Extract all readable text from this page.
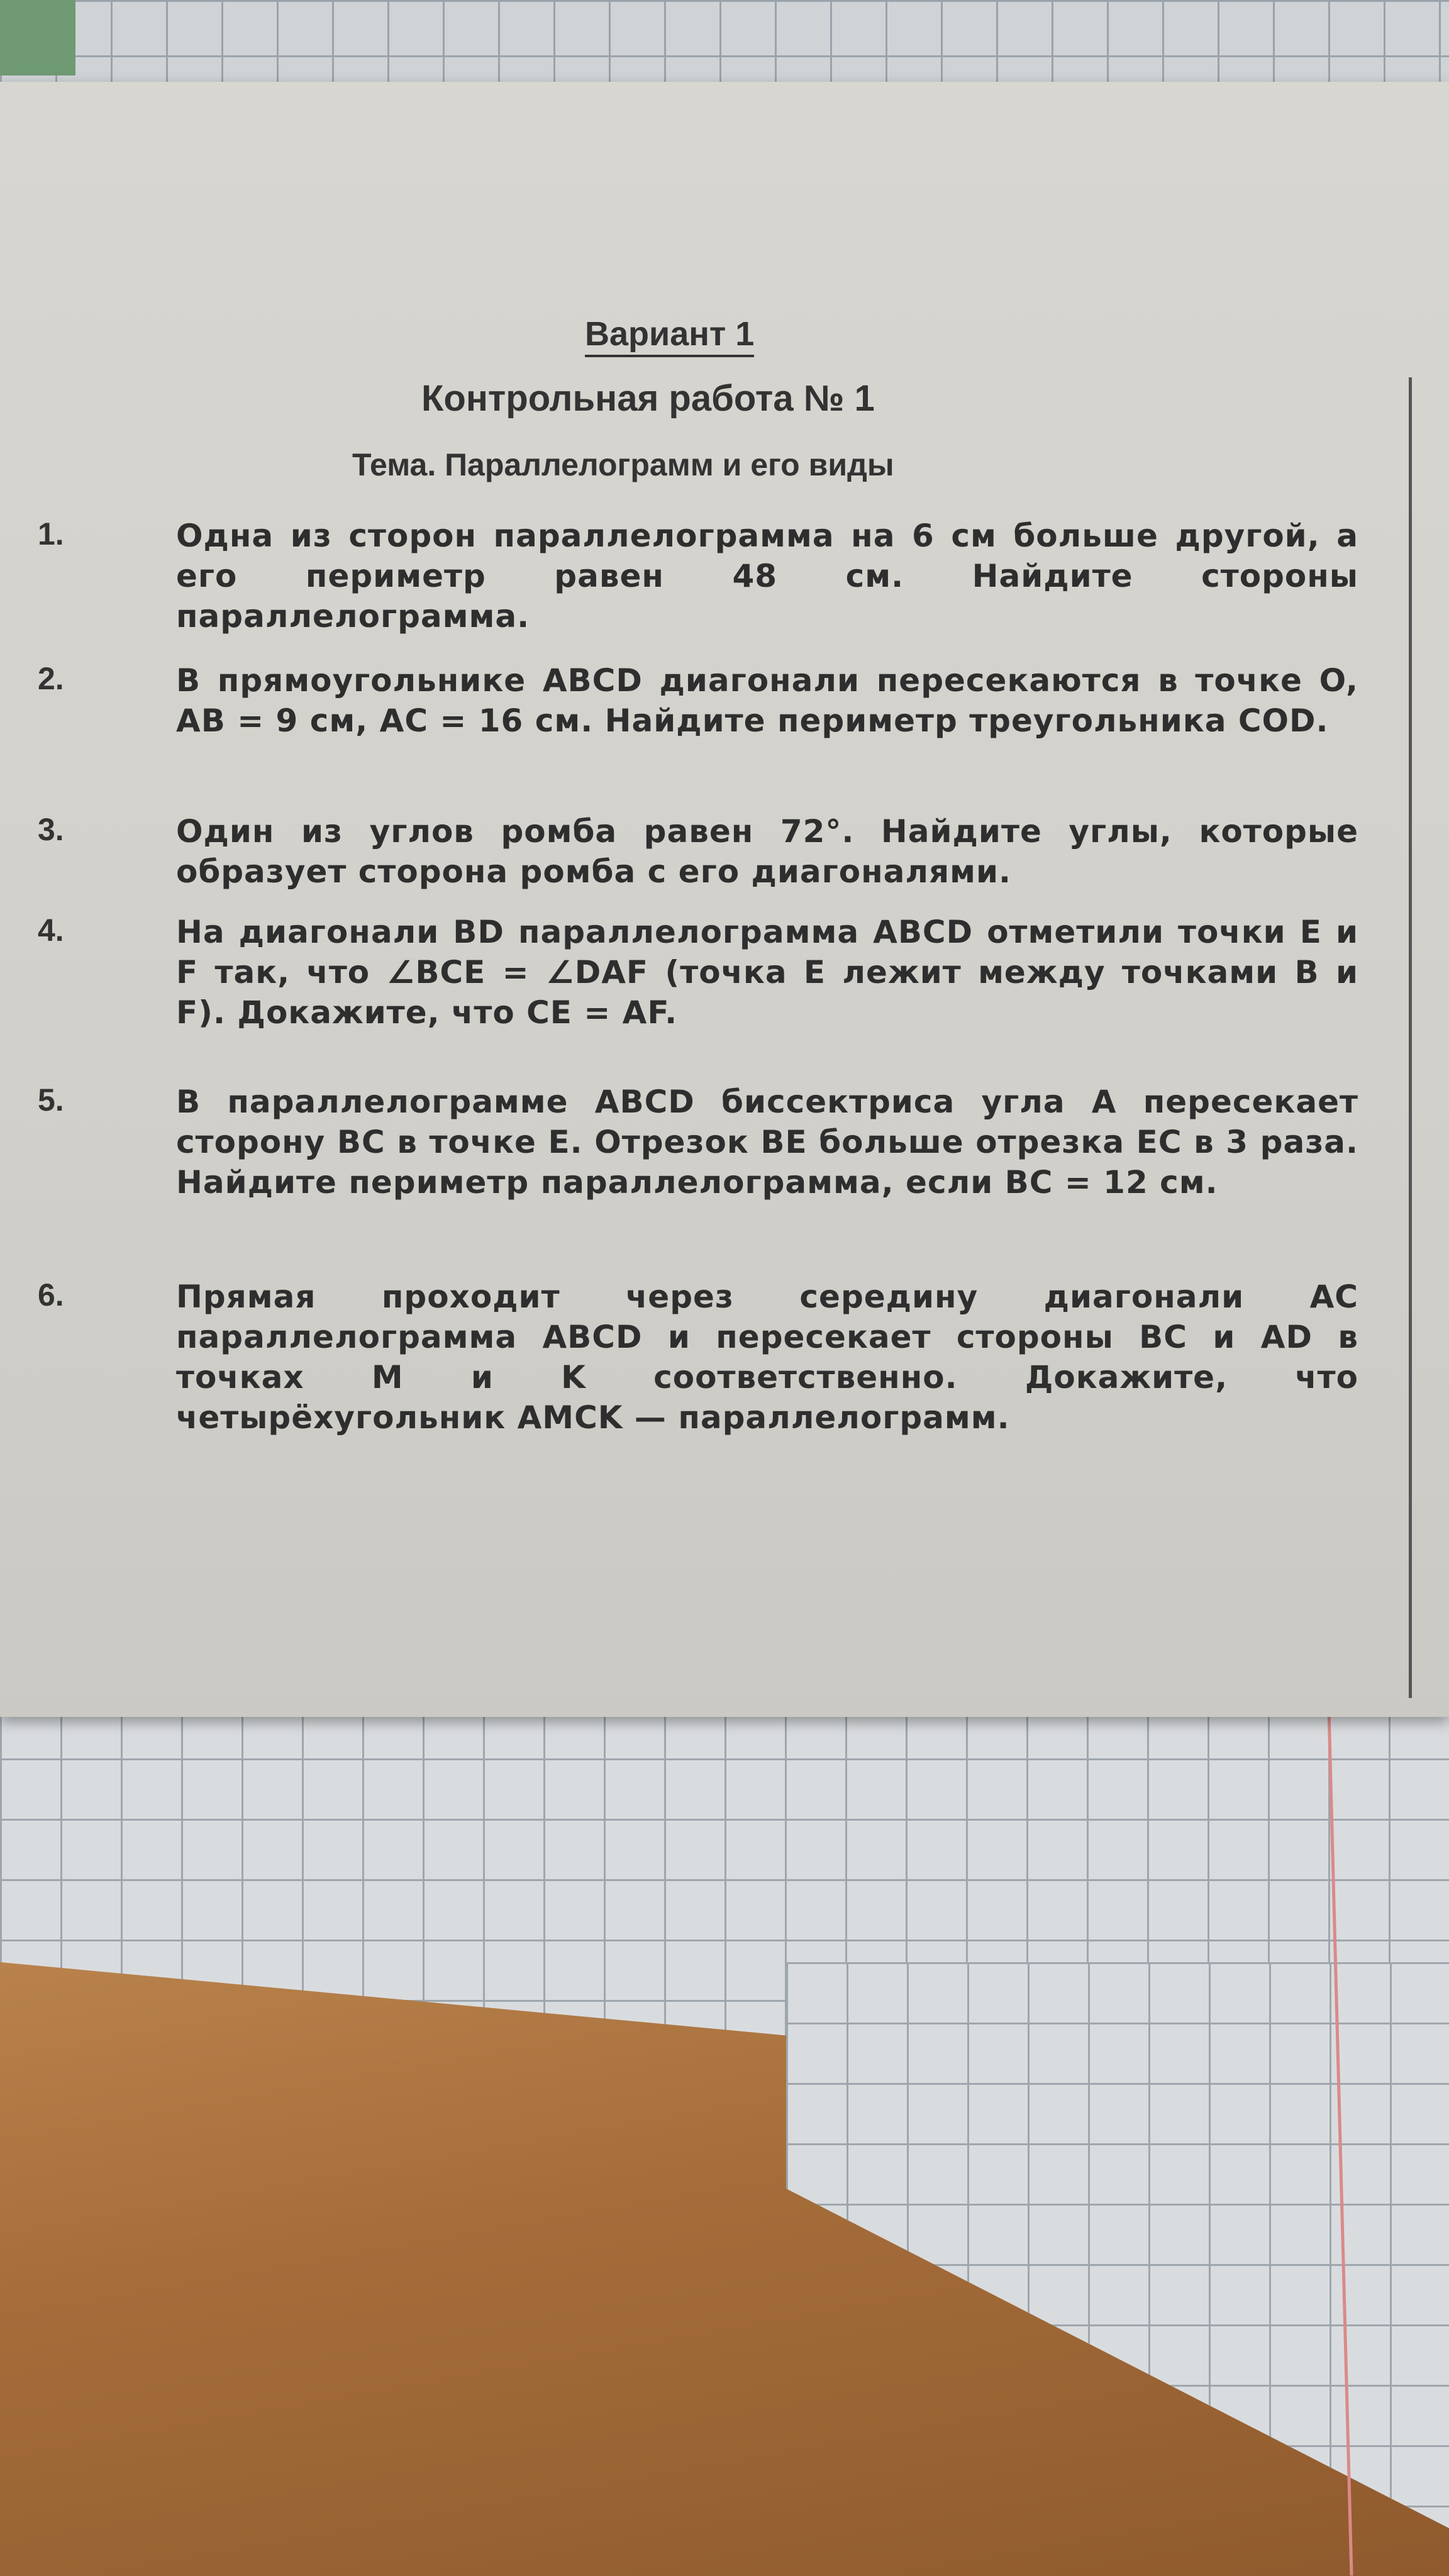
Вариант 1
Контрольная работа № 1
Тема. Параллелограмм и его виды
1.	Одна из сторон параллелограмма на 6 см больше другой, а его периметр равен 48 см. Найдите стороны параллелограмма.
2.	В прямоугольнике ABCD диагонали пересекаются в точке O, AB = 9 см, AC = 16 см. Найдите периметр треугольника COD.
3.	Один из углов ромба равен 72°. Найдите углы, которые образует сторона ромба с его диагоналями.
4.	На диагонали BD параллелограмма ABCD отметили точки E и F так, что ∠BCE = ∠DAF (точка E лежит между точками B и F). Докажите, что CE = AF.
5.	В параллелограмме ABCD биссектриса угла A пересекает сторону BC в точке E. Отрезок BE больше отрезка EC в 3 раза. Найдите периметр параллелограмма, если BC = 12 см.
6.	Прямая проходит через середину диагонали AC параллелограмма ABCD и пересекает стороны BC и AD в точках M и K соответственно. Докажите, что четырёхугольник AMCK — параллелограмм.
